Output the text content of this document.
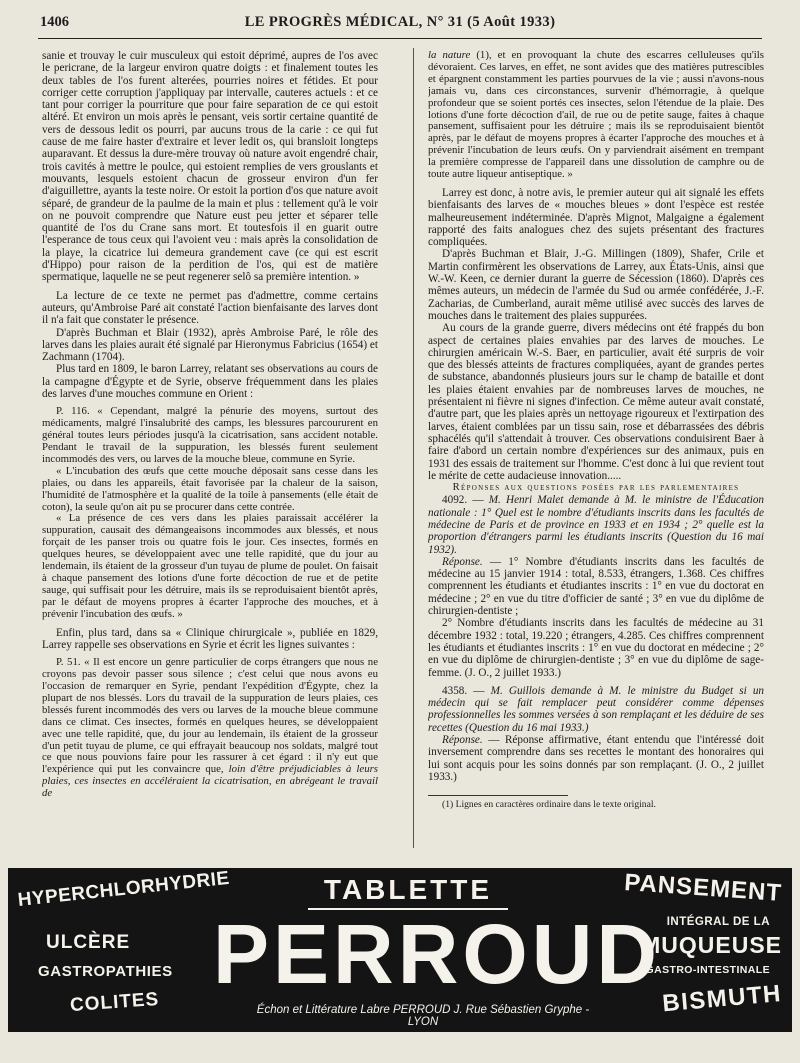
1406	LE PROGRÈS MÉDICAL, N° 31 (5 Août 1933)

sanie et trouvay le cuir musculeux qui estoit déprimé, aupres de l'os avec le pericrane, de la largeur environ quatre doigts : et finalement toutes les deux tables de l'os furent alterées, pourries noires et fétides. Et pour corriger cette corruption j'appliquay par intervalle, cauteres actuels : et ce tant pour corriger la pourriture que pour faire separation de ce qui estoit altéré. Et environ un mois après le pensant, veis sortir certaine quantité de vers de dessous ledit os pourri, par aucuns trous de la carie : ce qui fut cause de me faire haster d'extraire et lever ledit os, qui bransloit longteps auparavant. Et dessus la dure-mère trouvay où nature avoit engendré chair, trois cavités à mettre le poulce, qui estoient remplies de vers grouslants et mouvants, lesquels estoient chacun de grosseur environ d'un fer d'aiguillettre, ayants la teste noire. Or estoit la portion d'os que nature avoit séparé, de grandeur de la paulme de la main et plus : tellement qu'à le voir on ne pouvoit comprendre que Nature eust peu jetter et séparer telle quantité de l'os du Crane sans mort. Et toutesfois il en guarit outre l'esperance de tous ceux qui l'avoient veu : mais après la consolidation de la playe, la cicatrice lui demeura grandement cave (ce qui est escrit d'Hippo) pour raison de la perdition de l'os, qui est de matière spermatique, laquelle ne se peut regenerer selô sa première intention. »

La lecture de ce texte ne permet pas d'admettre, comme certains auteurs, qu'Ambroise Paré ait constaté l'action bienfaisante des larves dont il n'a fait que constater le présence.

D'après Buchman et Blair (1932), après Ambroise Paré, le rôle des larves dans les plaies aurait été signalé par Hieronymus Fabricius (1654) et Zachmann (1704).

Plus tard en 1809, le baron Larrey, relatant ses observations au cours de la campagne d'Égypte et de Syrie, observe fréquemment dans les plaies des larves d'une mouches commune en Orient :

P. 116. « Cependant, malgré la pénurie des moyens, surtout des médicaments, malgré l'insalubrité des camps, les blessures parcoururent en général toutes leurs périodes jusqu'à la cicatrisation, sans accident notable. Pendant le travail de la suppuration, les blessés furent seulement incommodés des vers, ou larves de la mouche bleue, commune en Syrie.

« L'incubation des œufs que cette mouche déposait sans cesse dans les plaies, ou dans les appareils, était favorisée par la chaleur de la saison, l'humidité de l'atmosphère et la qualité de la toile à pansements (elle était de coton), la seule qu'on ait pu se procurer dans cette contrée.

« La présence de ces vers dans les plaies paraissait accélérer la suppuration, causait des démangeaisons incommodes aux blessés, et nous forçait de les panser trois ou quatre fois le jour. Ces insectes, formés en quelques heures, se développaient avec une telle rapidité, que du jour au lendemain, ils étaient de la grosseur d'un tuyau de plume de poulet. On faisait à chaque pansement des lotions d'une forte décoction de rue et de petite sauge, qui suffisait pour les détruire, mais ils se reproduisaient bientôt après, par le défaut de moyens propres à écarter l'approche des mouches, et à prévenir l'incubation des œufs. »

Enfin, plus tard, dans sa « Clinique chirurgicale », publiée en 1829, Larrey rappelle ses observations en Syrie et écrit les lignes suivantes :

P. 51. « Il est encore un genre particulier de corps étrangers que nous ne croyons pas devoir passer sous silence ; c'est celui que nous avons eu l'occasion de remarquer en Syrie, pendant l'expédition d'Égypte, chez la plupart de nos blessés. Lors du travail de la suppuration de leurs plaies, ces blessés furent incommodés des vers ou larves de la mouche bleue commune dans ce climat. Ces insectes, formés en quelques heures, se développaient avec une telle rapidité, que, du jour au lendemain, ils étaient de la grosseur d'un petit tuyau de plume, ce qui effrayait beaucoup nos soldats, malgré tout ce que nous pouvions faire pour les rassurer à cet égard : il n'y eut que l'expérience qui put les convaincre que, loin d'être préjudiciables à leurs plaies, ces insectes en accéléraient la cicatrisation, en abrégeant le travail de

la nature (1), et en provoquant la chute des escarres celluleuses qu'ils dévoraient. Ces larves, en effet, ne sont avides que des matières putrescibles et épargnent constamment les parties pourvues de la vie ; aussi n'avons-nous jamais vu, dans ces circonstances, survenir d'hémorragie, à quelque profondeur que se soient portés ces insectes, selon l'étendue de la plaie. Des lotions d'une forte décoction d'ail, de rue ou de petite sauge, faites à chaque pansement, suffisaient pour les détruire ; mais ils se reproduisaient bientôt après, par le défaut de moyens propres à écarter l'approche des mouches et à prévenir l'incubation de leurs œufs. On y parviendrait aisément en trempant la première compresse de l'appareil dans une dissolution de camphre ou de toute autre liqueur antiseptique. »

Larrey est donc, à notre avis, le premier auteur qui ait signalé les effets bienfaisants des larves de « mouches bleues » dont l'espèce est restée malheureusement indéterminée. D'après Mignot, Malgaigne a également rapporté des faits analogues chez des sujets présentant des fractures compliquées.

D'après Buchman et Blair, J.-G. Millingen (1809), Shafer, Crile et Martin confirmèrent les observations de Larrey, aux États-Unis, ainsi que W.-W. Keen, ce dernier durant la guerre de Sécession (1860). D'après ces mêmes auteurs, un médecin de l'armée du Sud ou armée confédérée, J.-F. Zacharias, de Cumberland, aurait même utilisé avec succès des larves de mouches dans le traitement des plaies suppurées.

Au cours de la grande guerre, divers médecins ont été frappés du bon aspect de certaines plaies envahies par des larves de mouches. Le chirurgien américain W.-S. Baer, en particulier, avait été surpris de voir que des blessés atteints de fractures compliquées, ayant de grandes pertes de substance, abandonnés plusieurs jours sur le champ de bataille et dont les plaies étaient envahies par de nombreuses larves de mouches, ne présentaient ni fièvre ni signes d'infection. Ce même auteur avait constaté, d'autre part, que les plaies après un nettoyage rigoureux et l'extirpation des larves, étaient comblées par un tissu sain, rose et débarrassées des débris sphacélés qu'il s'attendait à trouver. Ces observations conduisirent Baer à faire d'abord un certain nombre d'expériences sur des animaux, puis en 1931 des essais de traitement sur l'homme. C'est donc à lui que revient tout le mérite de cette audacieuse innovation.....

Réponses aux questions posées par les parlementaires

4092. — M. Henri Malet demande à M. le ministre de l'Éducation nationale : 1° Quel est le nombre d'étudiants inscrits dans les facultés de médecine de Paris et de province en 1933 et en 1934 ; 2° quelle est la proportion d'étrangers parmi les étudiants inscrits (Question du 16 mai 1932).

Réponse. — 1° Nombre d'étudiants inscrits dans les facultés de médecine au 15 janvier 1914 : total, 8.533, étrangers, 1.368. Ces chiffres comprennent les étudiants et étudiantes inscrits : 1° en vue du doctorat en médecine ; 2° en vue du titre d'officier de santé ; 3° en vue du diplôme de chirurgien-dentiste ;

2° Nombre d'étudiants inscrits dans les facultés de médecine au 31 décembre 1932 : total, 19.220 ; étrangers, 4.285. Ces chiffres comprennent les étudiants et étudiantes inscrits : 1° en vue du doctorat en médecine ; 2° en vue du diplôme de chirurgien-dentiste ; 3° en vue du diplôme de sage-femme. (J. O., 2 juillet 1933.)

4358. — M. Guillois demande à M. le ministre du Budget si un médecin qui se fait remplacer peut considérer comme dépenses professionnelles les sommes versées à son remplaçant et les déduire de ses recettes (Question du 16 mai 1933.)

Réponse. — Réponse affirmative, étant entendu que l'intéressé doit inversement comprendre dans ses recettes le montant des honoraires qui lui sont acquis pour les soins donnés par son remplaçant. (J. O., 2 juillet 1933.)

(1) Lignes en caractères ordinaire dans le texte original.

HYPERCHLORHYDRIE
ULCÈRE
GASTROPATHIES
COLITES
TABLETTE
PERROUD
Échon et Littérature Labre PERROUD J. Rue Sébastien Gryphe - LYON
PANSEMENT
INTÉGRAL DE LA
MUQUEUSE
GASTRO-INTESTINALE
BISMUTH
